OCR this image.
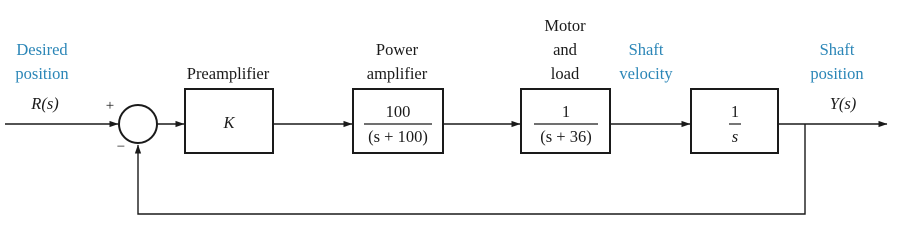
Desired
position
R(s)
Shaft
velocity
Shaft
position
Y(s)
Preamplifier
Power
amplifier
Motor
and
load
+
−
K
100
(s + 100)
1
(s + 36)
1
s
